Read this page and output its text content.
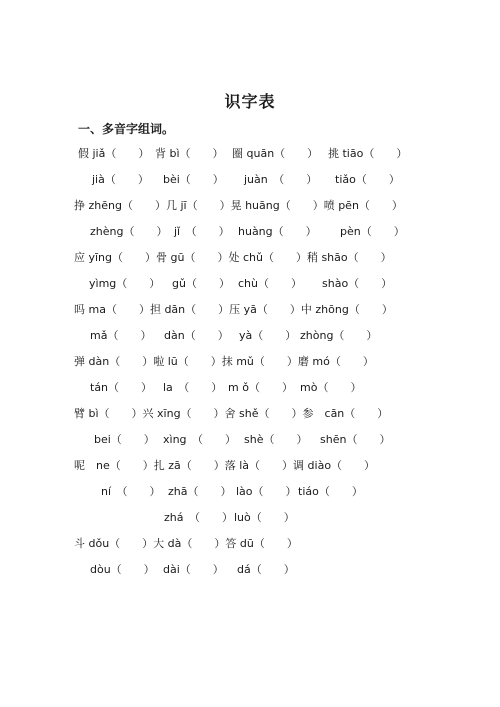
识字表
一、多音字组词。
假 jiǎ（　　） 背 bì（　　） 圈 quān（　　） 挑 tiāo（　　）
jià（　　） bèi（　　） juàn　（　　） tiǎo（　　）
挣 zhēng（　　）几 jī（　　）晃 huāng（　　）喷 pēn（　　）
zhèng（　　） jǐ　（　　） huàng（　　） pèn（　　）
应 yīng（　　）骨 gū（　　）处 chǔ（　　）稍 shāo（　　）
yìmg（　　） gǔ（　　） chù（　　） shào（　　）
吗 ma（　　）担 dān（　　）压 yā（　　）中 zhōng（　　）
mǎ（　　） dàn（　　） yà（　　） zhòng（　　）
弹 dàn（　　）啦 lū（　　）抹 mǔ（　　）磨 mó（　　）
tán（　　） la　（　　） m ǒ（　　） mò（　　）
臂 bì（　　）兴 xīng（　　）舍 shě（　　）参　cān（　　）
bei（　　） xìng　（　　） shè（　　） shēn（　　）
呢　ne（　　）扎 zā（　　）落 là（　　）调 diào（　　）
ní　（　　） zhā（　　） lào（　　） tiáo（　　）
zhá　（　　） luò（　　）
斗 dǒu（　　）大 dà（　　）答 dū（　　）
dòu（　　） dài（　　） dá（　　）
